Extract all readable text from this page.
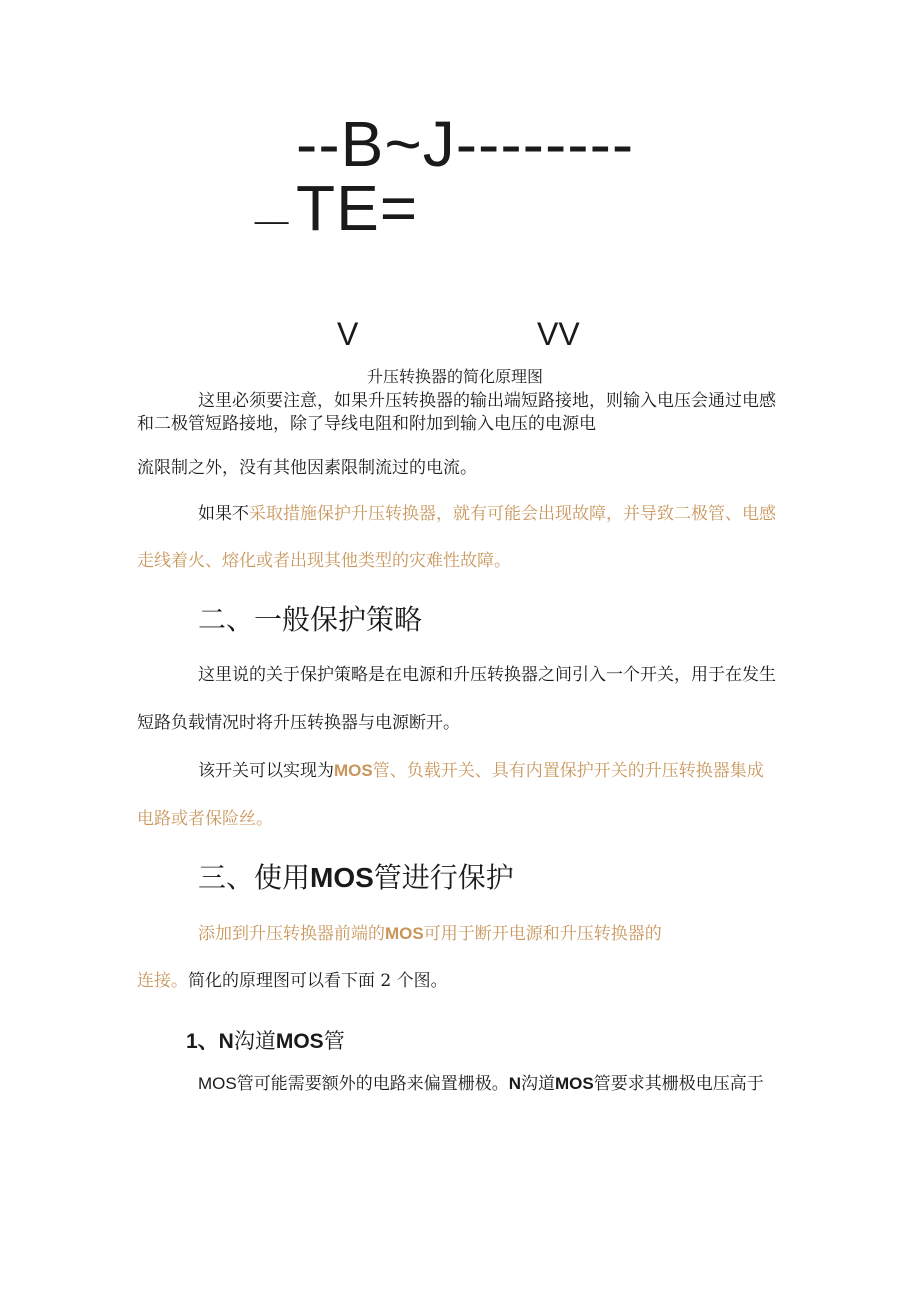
--B~J--------
__ TE=
V	VV
升压转换器的简化原理图
这里必须要注意，如果升压转换器的输出端短路接地，则输入电压会通过电感
和二极管短路接地，除了导线电阻和附加到输入电压的电源电
流限制之外，没有其他因素限制流过的电流。
如果不采取措施保护升压转换器，就有可能会出现故障，并导致二极管、电感
走线着火、熔化或者出现其他类型的灾难性故障。
二、一般保护策略
这里说的关于保护策略是在电源和升压转换器之间引入一个开关，用于在发生
短路负载情况时将升压转换器与电源断开。
该开关可以实现为MOS管、负载开关、具有内置保护开关的升压转换器集成
电路或者保险丝。
三、使用MOS管进行保护
添加到升压转换器前端的MOS可用于断开电源和升压转换器的
连接。简化的原理图可以看下面 2 个图。
1、N沟道MOS管
MOS管可能需要额外的电路来偏置栅极。N沟道MOS管要求其栅极电压高于
